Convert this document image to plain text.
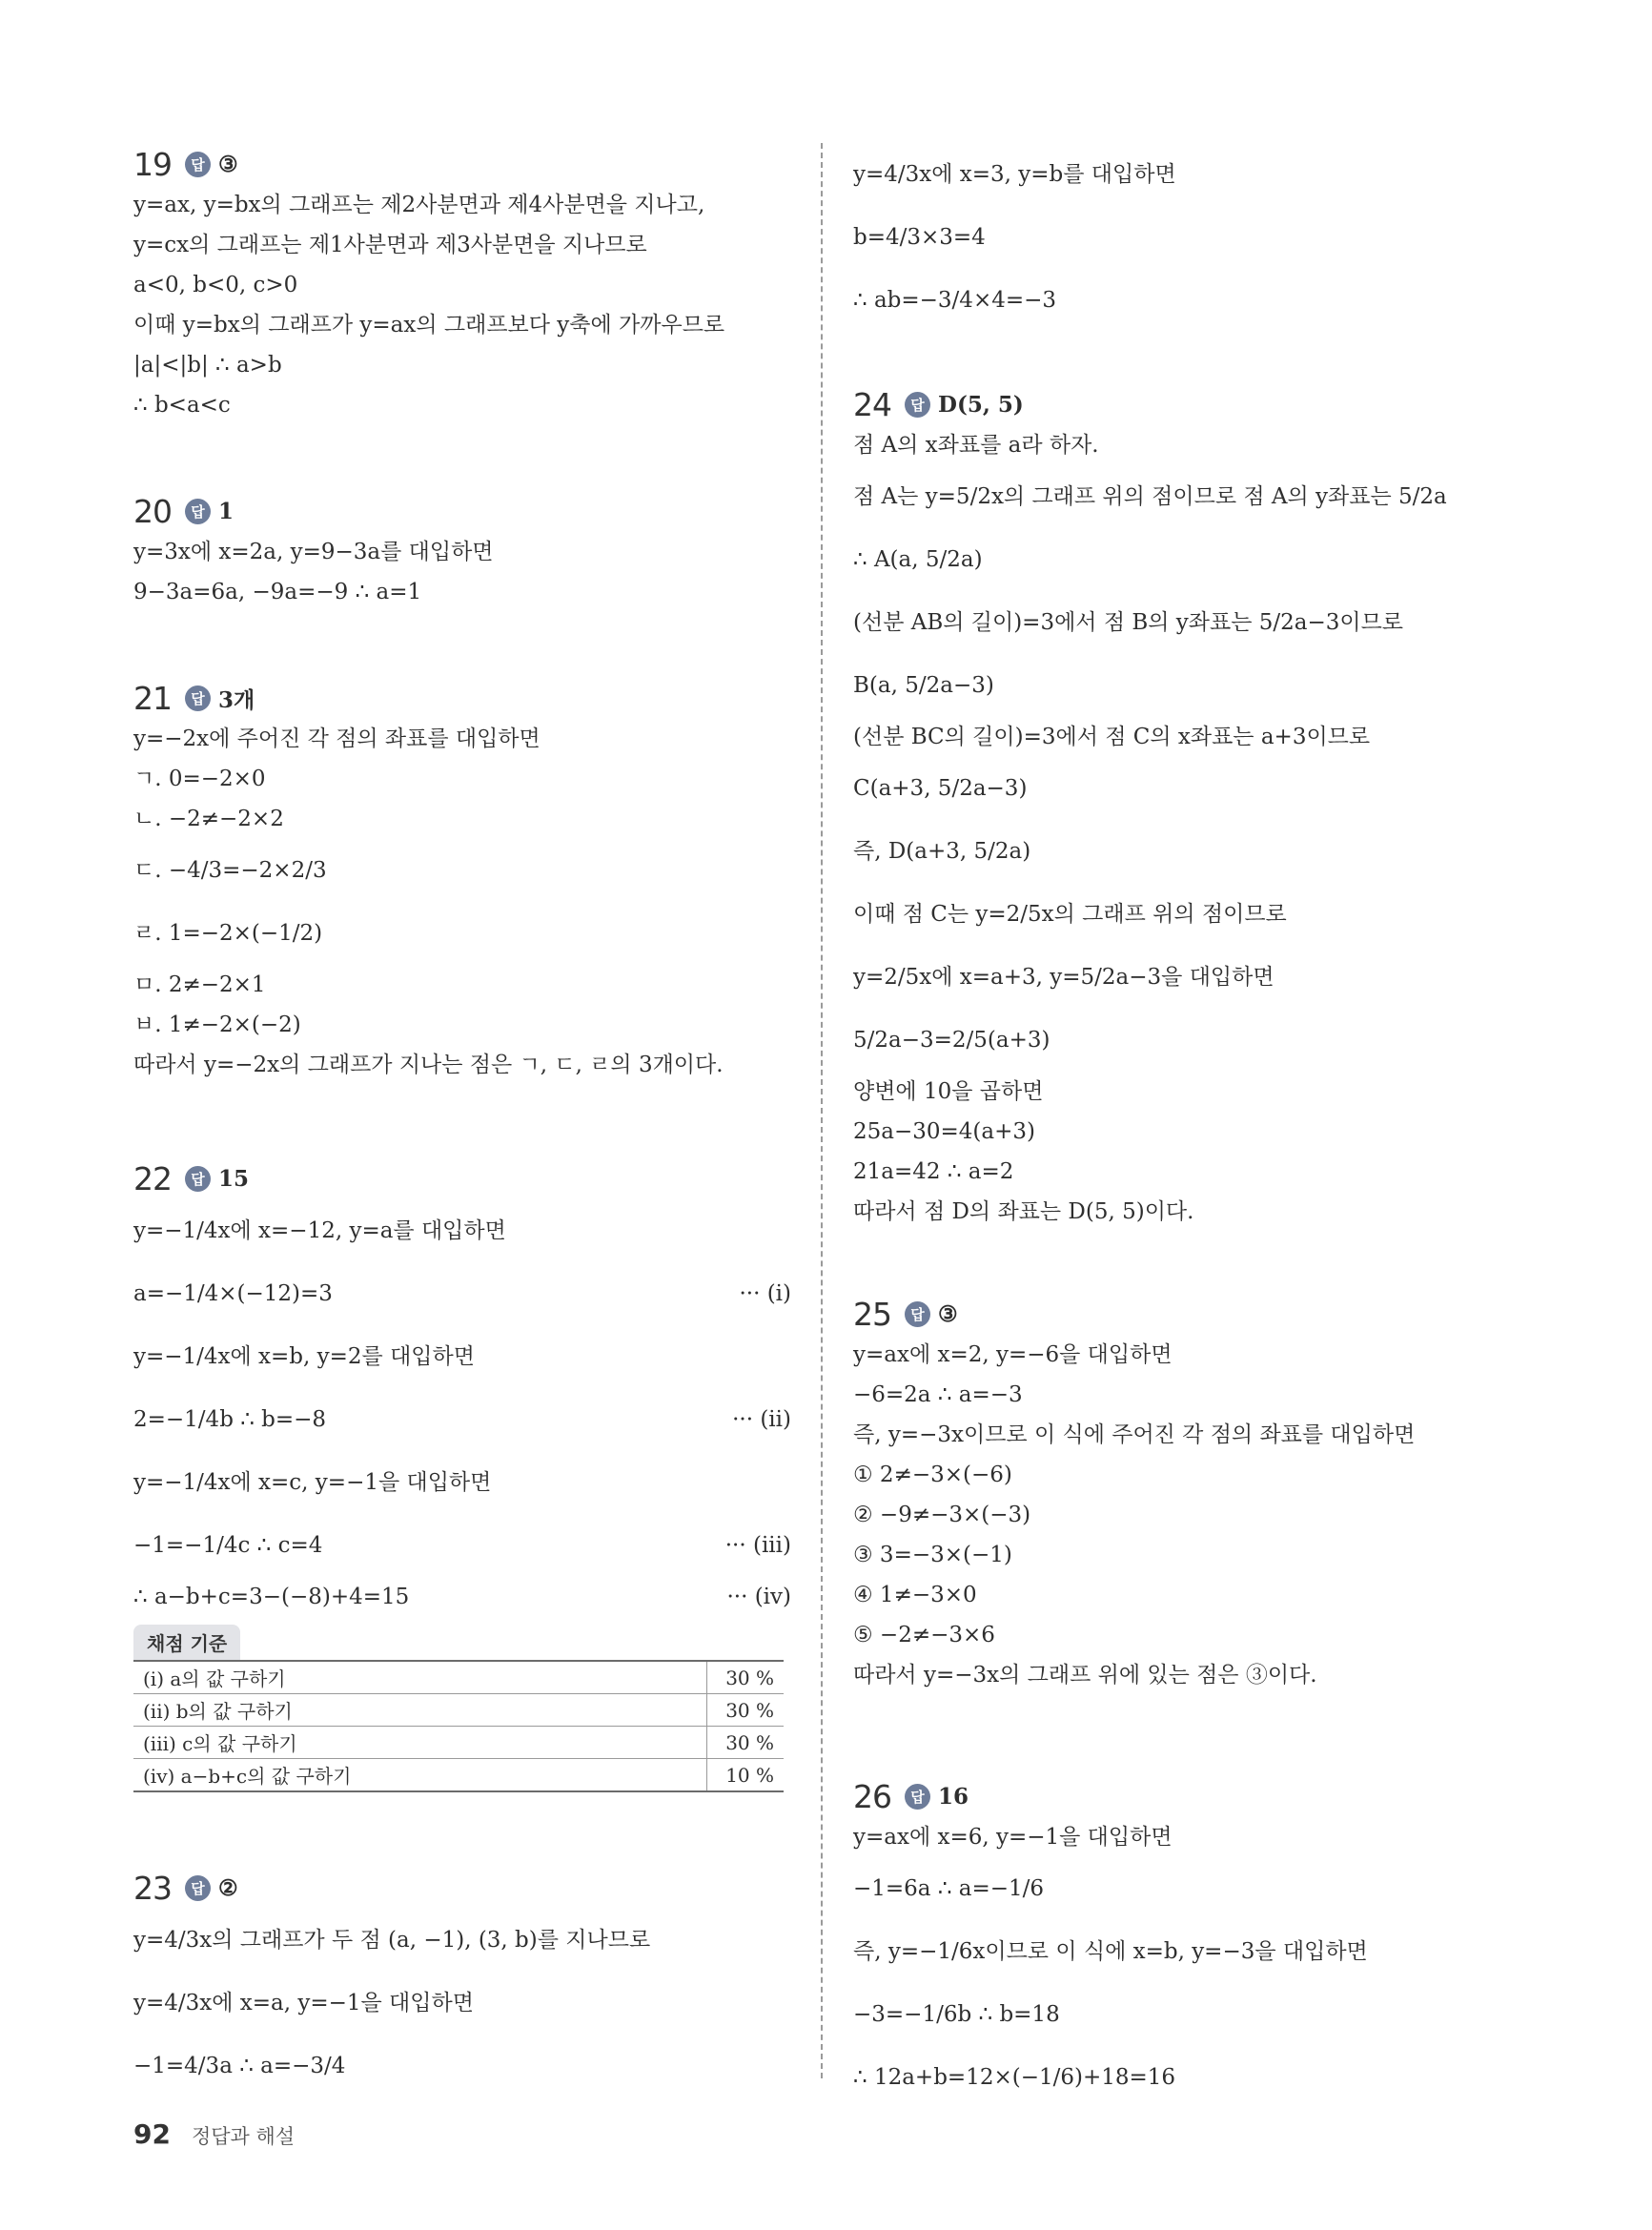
19	답 ③
y=ax, y=bx의 그래프는 제2사분면과 제4사분면을 지나고,
y=cx의 그래프는 제1사분면과 제3사분면을 지나므로
a<0, b<0, c>0
이때 y=bx의 그래프가 y=ax의 그래프보다 y축에 가까우므로
|a|<|b| ∴ a>b
∴ b<a<c
20	답 1
y=3x에 x=2a, y=9−3a를 대입하면
9−3a=6a, −9a=−9 ∴ a=1
21	답 3개
y=−2x에 주어진 각 점의 좌표를 대입하면
ㄱ. 0=−2×0
ㄴ. −2≠−2×2
ㄷ. −4/3=−2×2/3
ㄹ. 1=−2×(−1/2)
ㅁ. 2≠−2×1
ㅂ. 1≠−2×(−2)
따라서 y=−2x의 그래프가 지나는 점은 ㄱ, ㄷ, ㄹ의 3개이다.
22	답 15
y=−1/4x에 x=−12, y=a를 대입하면
a=−1/4×(−12)=3	··· (i)
y=−1/4x에 x=b, y=2를 대입하면
2=−1/4b ∴ b=−8	··· (ii)
y=−1/4x에 x=c, y=−1을 대입하면
−1=−1/4c ∴ c=4	··· (iii)
∴ a−b+c=3−(−8)+4=15	··· (iv)
채점 기준
(i) a의 값 구하기	30 %
(ii) b의 값 구하기	30 %
(iii) c의 값 구하기	30 %
(iv) a−b+c의 값 구하기	10 %
23	답 ②
y=4/3x의 그래프가 두 점 (a, −1), (3, b)를 지나므로
y=4/3x에 x=a, y=−1을 대입하면
−1=4/3a ∴ a=−3/4
y=4/3x에 x=3, y=b를 대입하면
b=4/3×3=4
∴ ab=−3/4×4=−3
24	답 D(5, 5)
점 A의 x좌표를 a라 하자.
점 A는 y=5/2x의 그래프 위의 점이므로 점 A의 y좌표는 5/2a
∴ A(a, 5/2a)
(선분 AB의 길이)=3에서 점 B의 y좌표는 5/2a−3이므로
B(a, 5/2a−3)
(선분 BC의 길이)=3에서 점 C의 x좌표는 a+3이므로
C(a+3, 5/2a−3)
즉, D(a+3, 5/2a)
이때 점 C는 y=2/5x의 그래프 위의 점이므로
y=2/5x에 x=a+3, y=5/2a−3을 대입하면
5/2a−3=2/5(a+3)
양변에 10을 곱하면
25a−30=4(a+3)
21a=42 ∴ a=2
따라서 점 D의 좌표는 D(5, 5)이다.
25	답 ③
y=ax에 x=2, y=−6을 대입하면
−6=2a ∴ a=−3
즉, y=−3x이므로 이 식에 주어진 각 점의 좌표를 대입하면
① 2≠−3×(−6)
② −9≠−3×(−3)
③ 3=−3×(−1)
④ 1≠−3×0
⑤ −2≠−3×6
따라서 y=−3x의 그래프 위에 있는 점은 ③이다.
26	답 16
y=ax에 x=6, y=−1을 대입하면
−1=6a ∴ a=−1/6
즉, y=−1/6x이므로 이 식에 x=b, y=−3을 대입하면
−3=−1/6b ∴ b=18
∴ 12a+b=12×(−1/6)+18=16
92 정답과 해설
